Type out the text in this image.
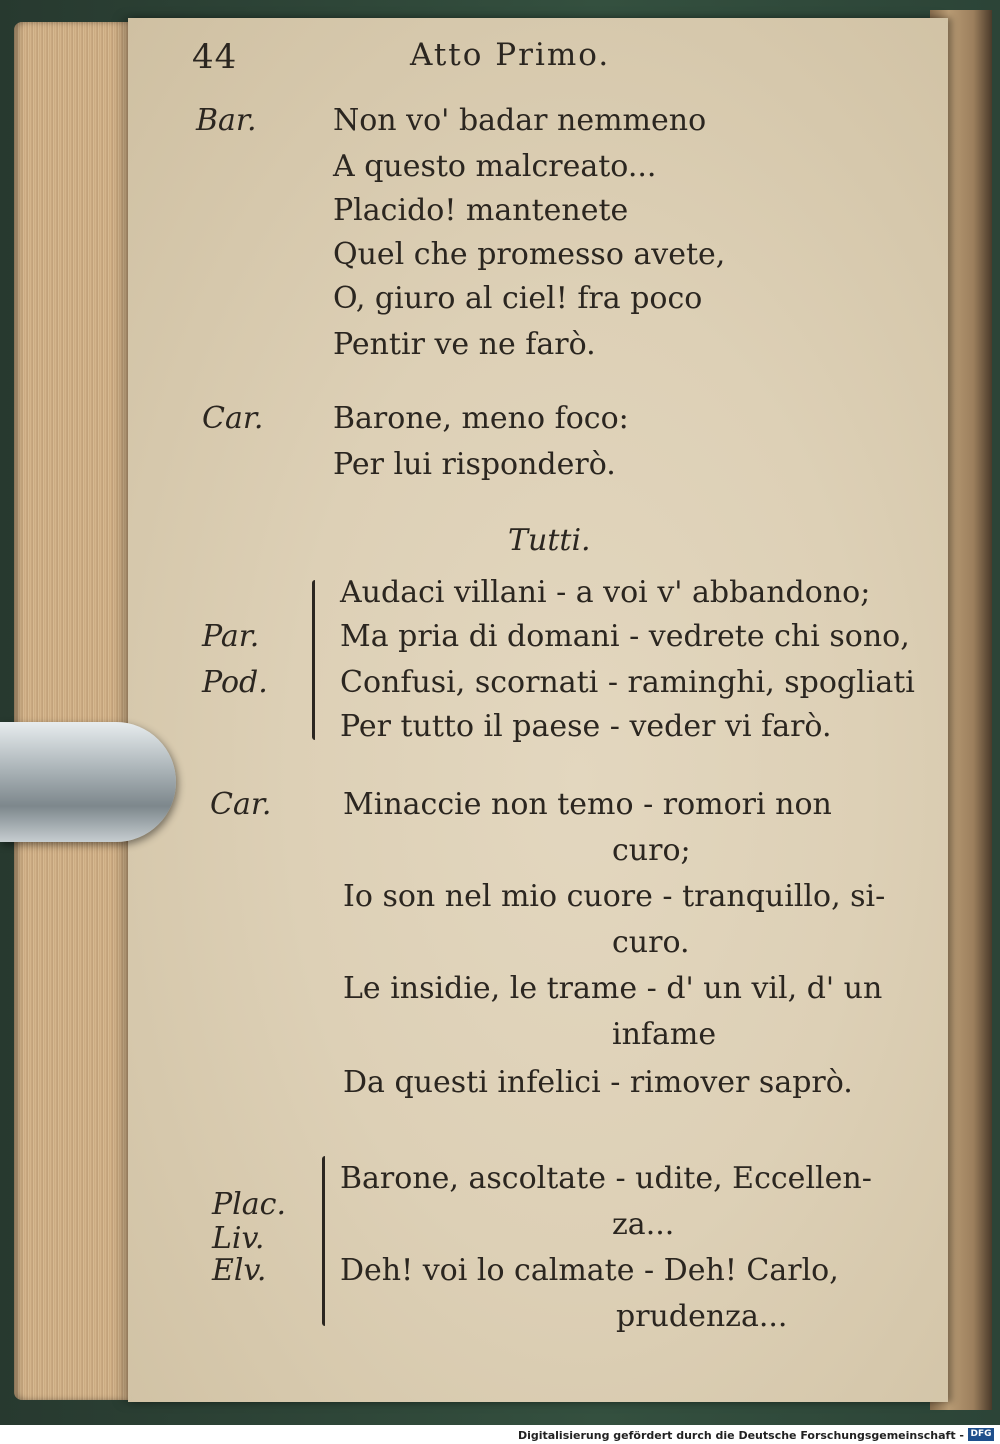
44	Atto Primo.
Bar.	Non vo' badar nemmeno
A questo malcreato...
Placido! mantenete
Quel che promesso avete,
O, giuro al ciel! fra poco
Pentir ve ne farò.
Car. Barone, meno foco:
Per lui risponderò.
Tutti.
Par.
Pod.
Audaci villani - a voi v' abbandono;
Ma pria di domani - vedrete chi sono,
Confusi, scornati - raminghi, spogliati
Per tutto il paese - veder vi farò.
Car. Minaccie non temo - romori non
curo;
Io son nel mio cuore - tranquillo, si-
curo.
Le insidie, le trame - d' un vil, d' un
infame
Da questi infelici - rimover saprò.
Plac.
Liv.
Elv.
Barone, ascoltate - udite, Eccellen-
za...
Deh! voi lo calmate - Deh! Carlo,
prudenza...
Digitalisierung gefördert durch die Deutsche Forschungsgemeinschaft - DFG
